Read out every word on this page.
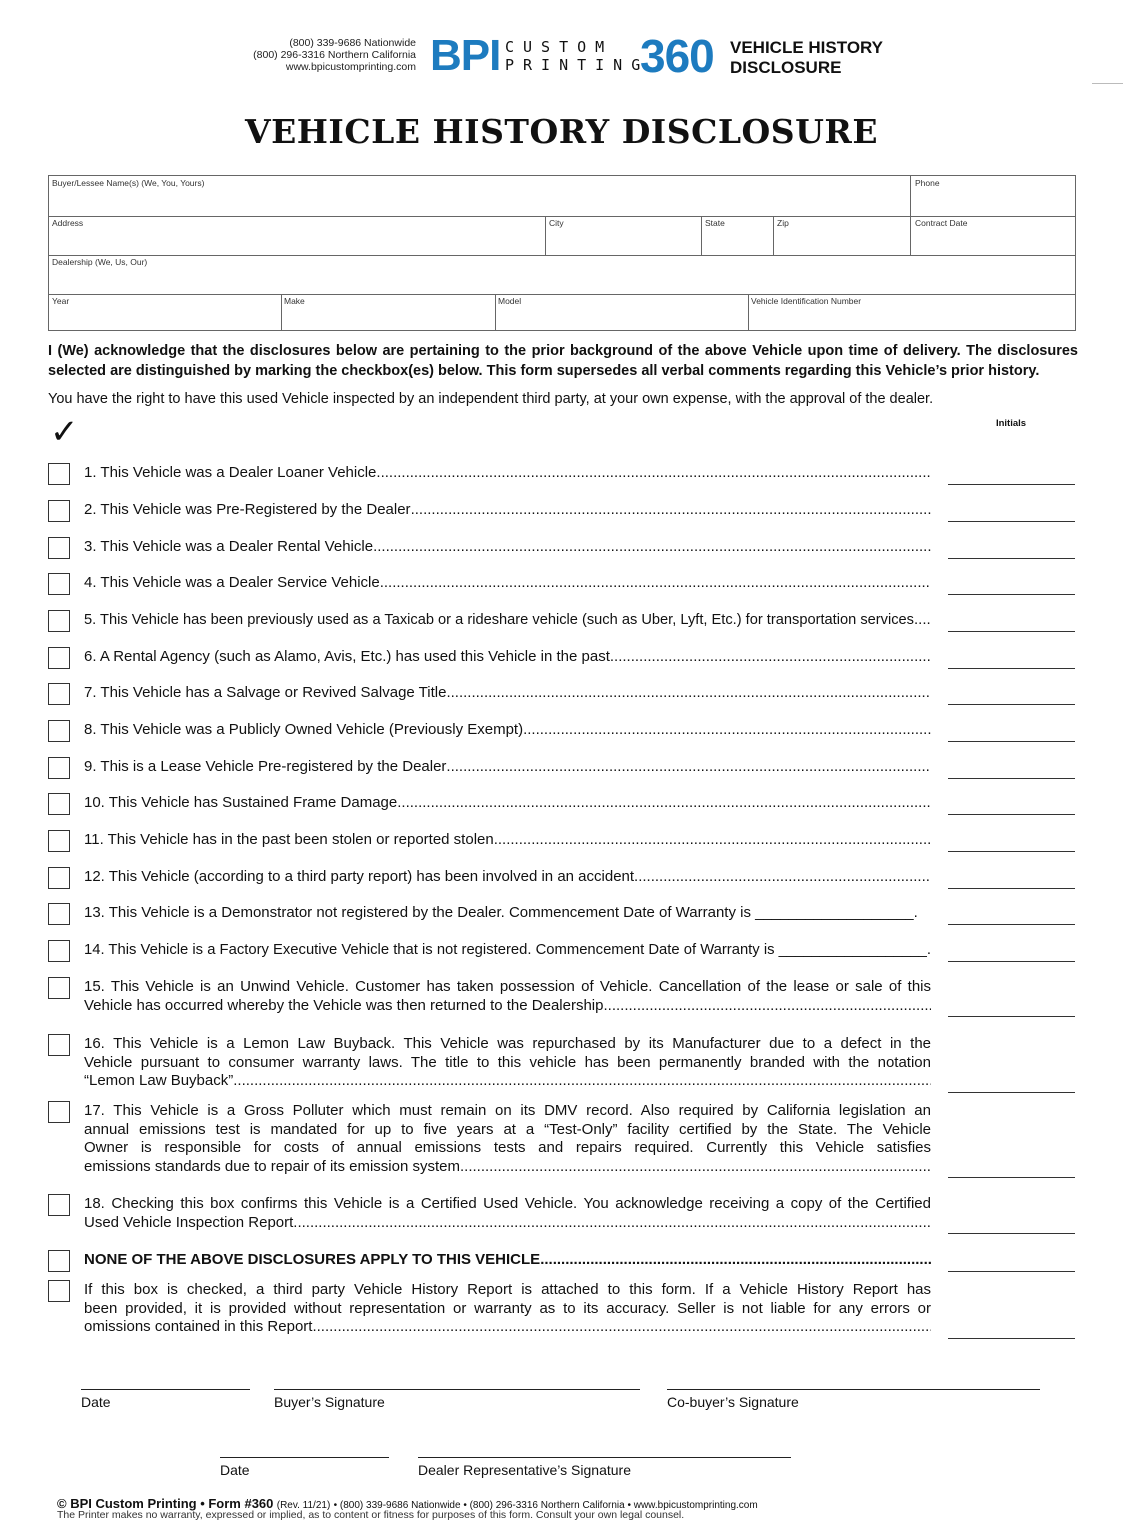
(800) 339-9686 Nationwide
(800) 296-3316 Northern California
www.bpicustomprinting.com BPI CUSTOM
PRINTING
360 VEHICLE HISTORY
DISCLOSURE
VEHICLE HISTORY DISCLOSURE
Buyer/Lessee Name(s) (We, You, Yours)	Phone
Address	City	State	Zip	Contract Date
Dealership (We, Us, Our)
Year	Make	Model	Vehicle Identification Number
I (We) acknowledge that the disclosures below are pertaining to the prior background of the above Vehicle upon time of delivery. The disclosures selected are distinguished by marking the checkbox(es) below. This form supersedes all verbal comments regarding this Vehicle’s prior history.
You have the right to have this used Vehicle inspected by an independent third party, at your own expense, with the approval of the dealer.
✓	Initials
1. This Vehicle was a Dealer Loaner Vehicle
.....
2. This Vehicle was Pre-Registered by the Dealer
.....
3. This Vehicle was a Dealer Rental Vehicle
.....
4. This Vehicle was a Dealer Service Vehicle
.....
5. This Vehicle has been previously used as a Taxicab or a rideshare vehicle (such as Uber, Lyft, Etc.) for transportation services
.....
6. A Rental Agency (such as Alamo, Avis, Etc.) has used this Vehicle in the past
.....
7. This Vehicle has a Salvage or Revived Salvage Title
.....
8. This Vehicle was a Publicly Owned Vehicle (Previously Exempt)
.....
9. This is a Lease Vehicle Pre-registered by the Dealer
.....
10. This Vehicle has Sustained Frame Damage
.....
11. This Vehicle has in the past been stolen or reported stolen
.....
12. This Vehicle (according to a third party report) has been involved in an accident
.....
13. This Vehicle is a Demonstrator not registered by the Dealer. Commencement Date of Warranty is ___________________.
14. This Vehicle is a Factory Executive Vehicle that is not registered. Commencement Date of Warranty is __________________.
15. This Vehicle is an Unwind Vehicle. Customer has taken possession of Vehicle. Cancellation of the lease or sale of this
Vehicle has occurred whereby the Vehicle was then returned to the Dealership
.....
16. This Vehicle is a Lemon Law Buyback. This Vehicle was repurchased by its Manufacturer due to a defect in the
Vehicle pursuant to consumer warranty laws. The title to this vehicle has been permanently branded with the notation
“Lemon Law Buyback”
.....
17. This Vehicle is a Gross Polluter which must remain on its DMV record. Also required by California legislation an
annual emissions test is mandated for up to five years at a “Test-Only” facility certified by the State. The Vehicle
Owner is responsible for costs of annual emissions tests and repairs required. Currently this Vehicle satisfies
emissions standards due to repair of its emission system
.....
18. Checking this box confirms this Vehicle is a Certified Used Vehicle. You acknowledge receiving a copy of the Certified
Used Vehicle Inspection Report.
.....
NONE OF THE ABOVE DISCLOSURES APPLY TO THIS VEHICLE
.....
If this box is checked, a third party Vehicle History Report is attached to this form. If a Vehicle History Report has
been provided, it is provided without representation or warranty as to its accuracy. Seller is not liable for any errors or
omissions contained in this Report
.....
Date	Buyer’s Signature	Co-buyer’s Signature
Date	Dealer Representative’s Signature
© BPI Custom Printing • Form #360 (Rev. 11/21) • (800) 339-9686 Nationwide • (800) 296-3316 Northern California • www.bpicustomprinting.com
The Printer makes no warranty, expressed or implied, as to content or fitness for purposes of this form. Consult your own legal counsel.
